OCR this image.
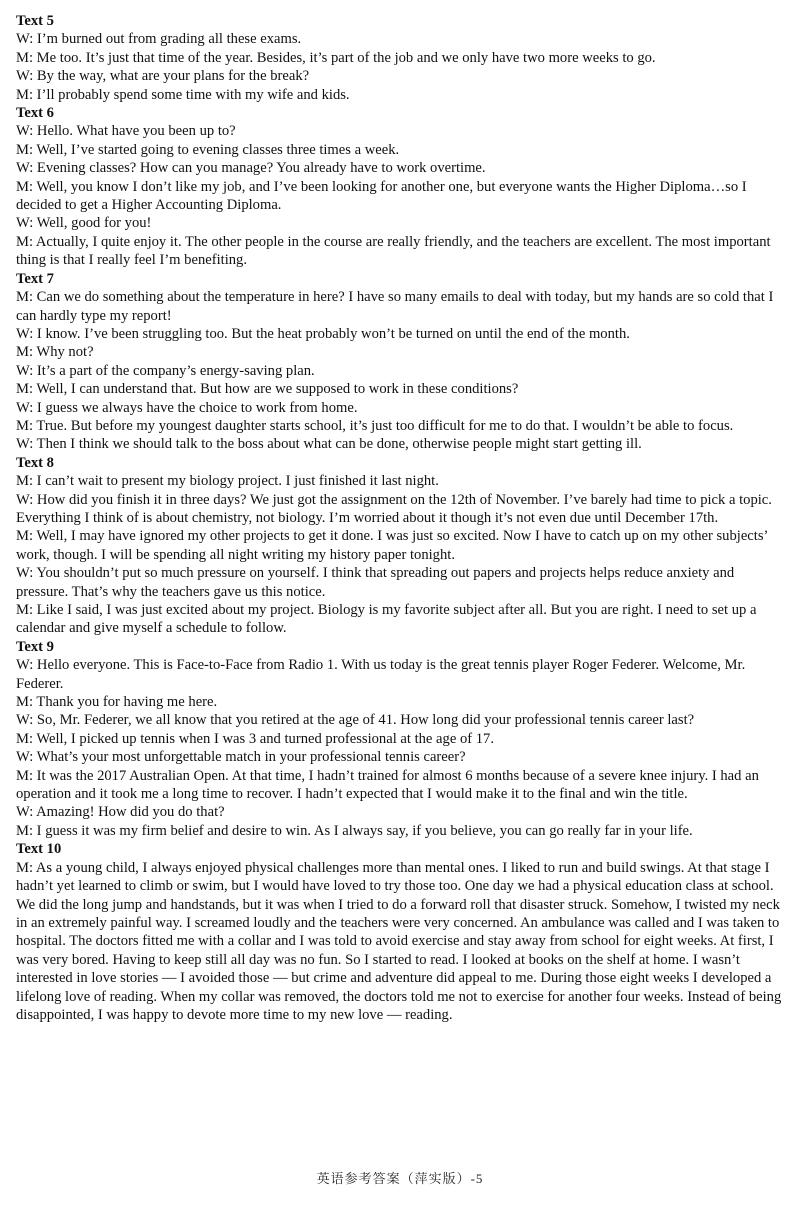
Text 5

W: I’m burned out from grading all these exams.

M: Me too. It’s just that time of the year. Besides, it’s part of the job and we only have two more weeks to go.

W: By the way, what are your plans for the break?

M: I’ll probably spend some time with my wife and kids.

Text 6

W: Hello. What have you been up to?

M: Well, I’ve started going to evening classes three times a week.

W: Evening classes? How can you manage? You already have to work overtime.

M: Well, you know I don’t like my job, and I’ve been looking for another one, but everyone wants the Higher Diploma…so I decided to get a Higher Accounting Diploma.

W: Well, good for you!

M: Actually, I quite enjoy it. The other people in the course are really friendly, and the teachers are excellent. The most important thing is that I really feel I’m benefiting.

Text 7

M: Can we do something about the temperature in here? I have so many emails to deal with today, but my hands are so cold that I can hardly type my report!

W: I know. I’ve been struggling too. But the heat probably won’t be turned on until the end of the month.

M: Why not?

W: It’s a part of the company’s energy-saving plan.

M: Well, I can understand that. But how are we supposed to work in these conditions?

W: I guess we always have the choice to work from home.

M: True. But before my youngest daughter starts school, it’s just too difficult for me to do that. I wouldn’t be able to focus.

W: Then I think we should talk to the boss about what can be done, otherwise people might start getting ill.

Text 8

M: I can’t wait to present my biology project. I just finished it last night.

W: How did you finish it in three days? We just got the assignment on the 12th of November. I’ve barely had time to pick a topic. Everything I think of is about chemistry, not biology. I’m worried about it though it’s not even due until December 17th.

M: Well, I may have ignored my other projects to get it done. I was just so excited. Now I have to catch up on my other subjects’ work, though. I will be spending all night writing my history paper tonight.

W: You shouldn’t put so much pressure on yourself. I think that spreading out papers and projects helps reduce anxiety and pressure. That’s why the teachers gave us this notice.

M: Like I said, I was just excited about my project. Biology is my favorite subject after all. But you are right. I need to set up a calendar and give myself a schedule to follow.

Text 9

W: Hello everyone. This is Face-to-Face from Radio 1. With us today is the great tennis player Roger Federer. Welcome, Mr. Federer.

M: Thank you for having me here.

W: So, Mr. Federer, we all know that you retired at the age of 41. How long did your professional tennis career last?

M: Well, I picked up tennis when I was 3 and turned professional at the age of 17.

W: What’s your most unforgettable match in your professional tennis career?

M: It was the 2017 Australian Open. At that time, I hadn’t trained for almost 6 months because of a severe knee injury. I had an operation and it took me a long time to recover. I hadn’t expected that I would make it to the final and win the title.

W: Amazing! How did you do that?

M: I guess it was my firm belief and desire to win. As I always say, if you believe, you can go really far in your life.

Text 10

M: As a young child, I always enjoyed physical challenges more than mental ones. I liked to run and build swings. At that stage I hadn’t yet learned to climb or swim, but I would have loved to try those too. One day we had a physical education class at school. We did the long jump and handstands, but it was when I tried to do a forward roll that disaster struck. Somehow, I twisted my neck in an extremely painful way. I screamed loudly and the teachers were very concerned. An ambulance was called and I was taken to hospital. The doctors fitted me with a collar and I was told to avoid exercise and stay away from school for eight weeks. At first, I was very bored. Having to keep still all day was no fun. So I started to read. I looked at books on the shelf at home. I wasn’t interested in love stories — I avoided those — but crime and adventure did appeal to me. During those eight weeks I developed a lifelong love of reading. When my collar was removed, the doctors told me not to exercise for another four weeks. Instead of being disappointed, I was happy to devote more time to my new love — reading.

英语参考答案（萍实版）-5
